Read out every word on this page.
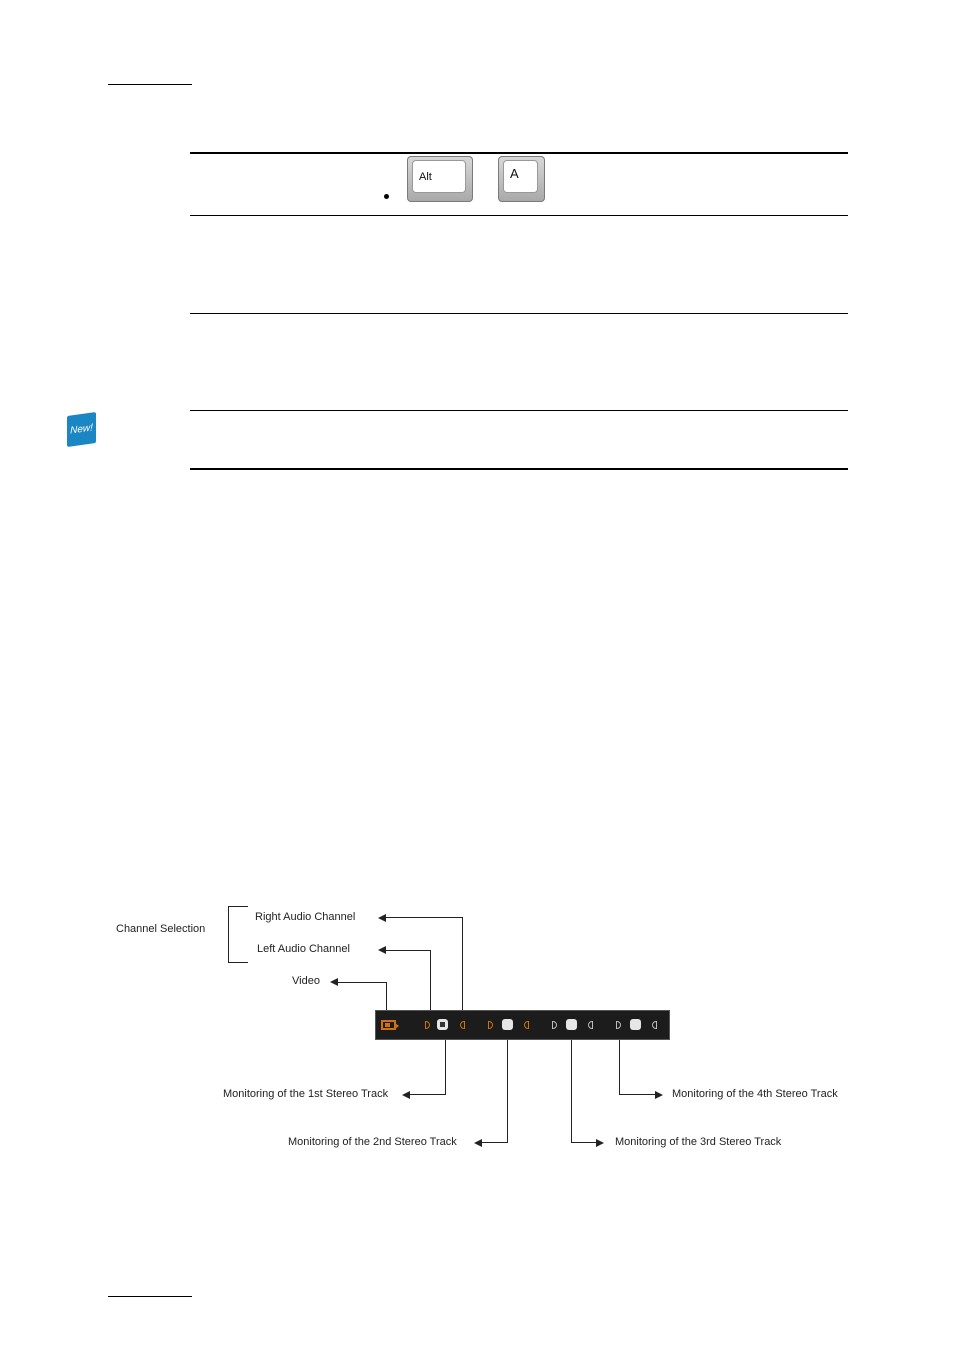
Alt	A
New!
Channel Selection
Right Audio Channel
Left Audio Channel
Video
Monitoring of the 1st Stereo Track
Monitoring of the 2nd Stereo Track	Monitoring of the 3rd Stereo Track
Monitoring of the 4th Stereo Track
